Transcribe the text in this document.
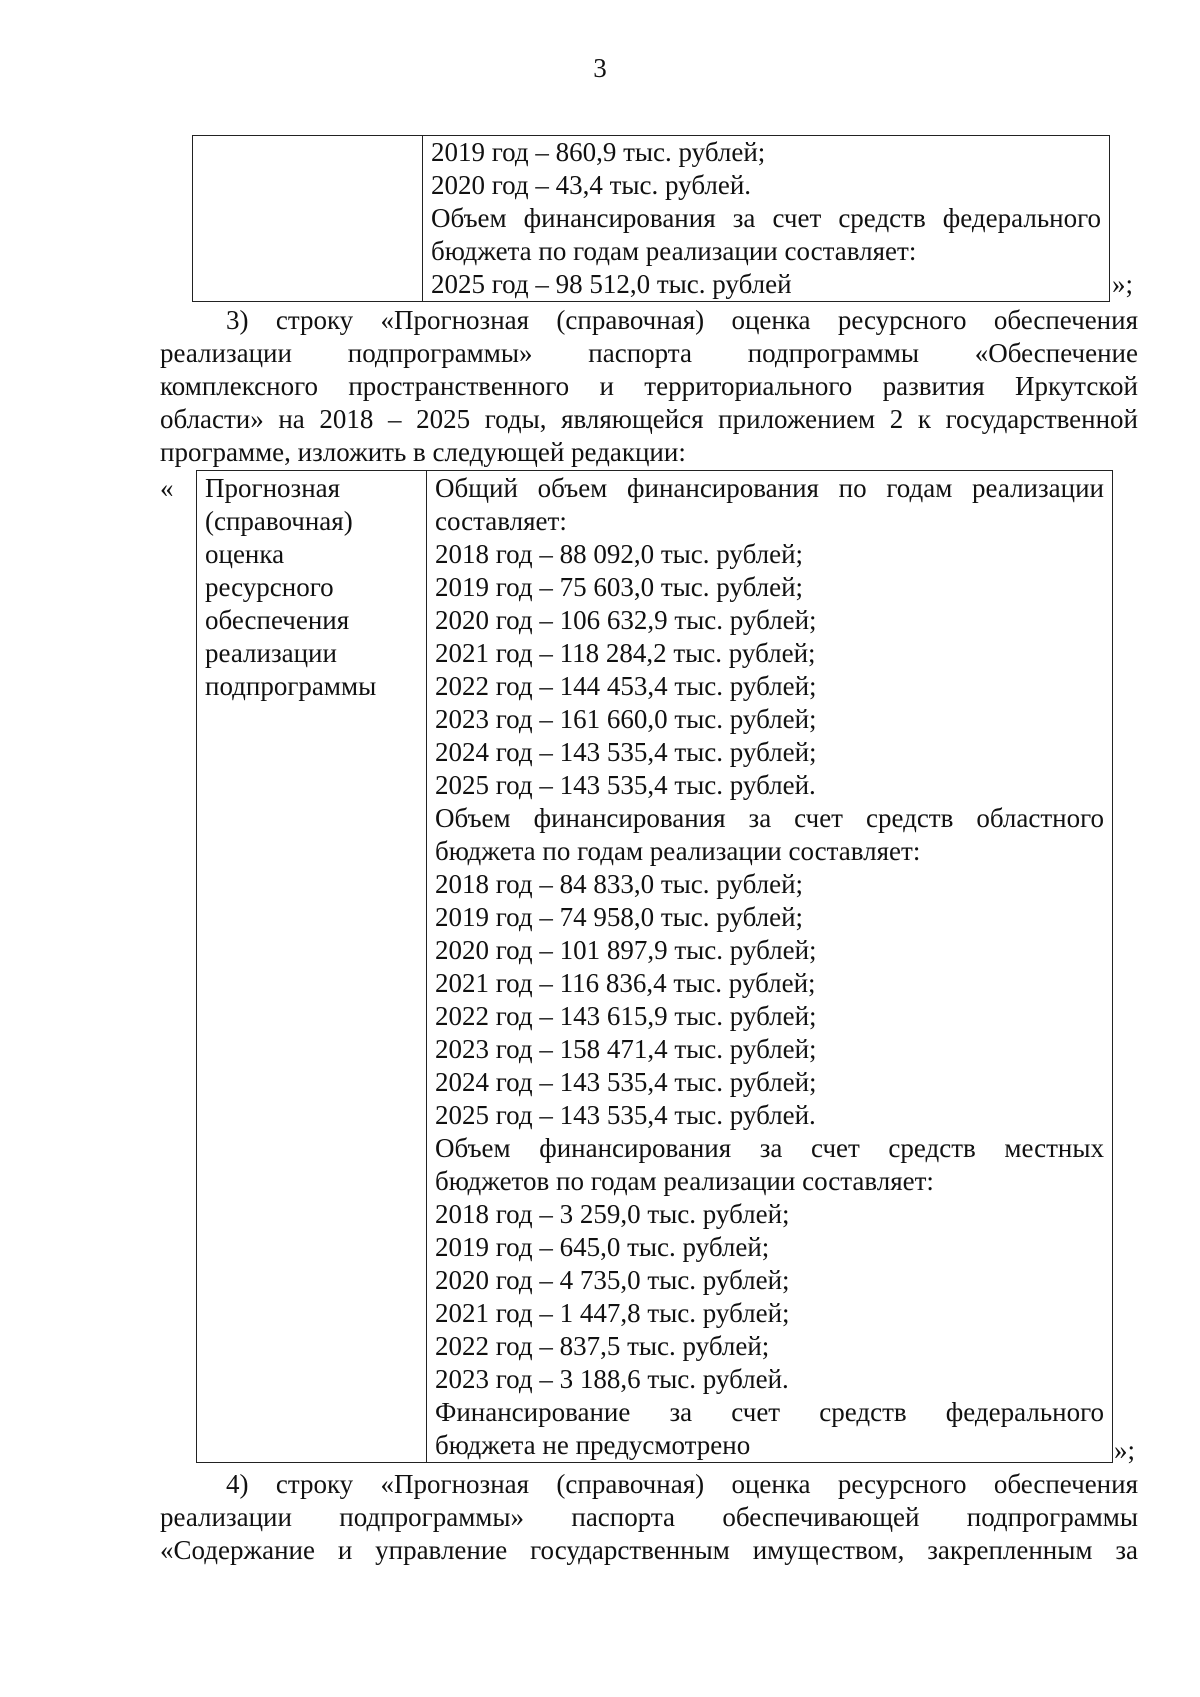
3
2019 год – 860,9 тыс. рублей;
2020 год – 43,4 тыс. рублей.
Объем финансирования за счет средств федерального
бюджета по годам реализации составляет:
2025 год – 98 512,0 тыс. рублей	»;
3) строку «Прогнозная (справочная) оценка ресурсного обеспечения
реализации подпрограммы» паспорта подпрограммы «Обеспечение
комплексного пространственного и территориального развития Иркутской
области» на 2018 – 2025 годы, являющейся приложением 2 к государственной
программе, изложить в следующей редакции:
« Прогнозная
(справочная)
оценка
ресурсного
обеспечения
реализации
подпрограммы
Общий объем финансирования по годам реализации
составляет:
2018 год – 88 092,0 тыс. рублей;
2019 год – 75 603,0 тыс. рублей;
2020 год – 106 632,9 тыс. рублей;
2021 год – 118 284,2 тыс. рублей;
2022 год – 144 453,4 тыс. рублей;
2023 год – 161 660,0 тыс. рублей;
2024 год – 143 535,4 тыс. рублей;
2025 год – 143 535,4 тыс. рублей.
Объем финансирования за счет средств областного
бюджета по годам реализации составляет:
2018 год – 84 833,0 тыс. рублей;
2019 год – 74 958,0 тыс. рублей;
2020 год – 101 897,9 тыс. рублей;
2021 год – 116 836,4 тыс. рублей;
2022 год – 143 615,9 тыс. рублей;
2023 год – 158 471,4 тыс. рублей;
2024 год – 143 535,4 тыс. рублей;
2025 год – 143 535,4 тыс. рублей.
Объем финансирования за счет средств местных
бюджетов по годам реализации составляет:
2018 год – 3 259,0 тыс. рублей;
2019 год – 645,0 тыс. рублей;
2020 год – 4 735,0 тыс. рублей;
2021 год – 1 447,8 тыс. рублей;
2022 год – 837,5 тыс. рублей;
2023 год – 3 188,6 тыс. рублей.
Финансирование за счет средств федерального
бюджета не предусмотрено	»;
4) строку «Прогнозная (справочная) оценка ресурсного обеспечения
реализации подпрограммы» паспорта обеспечивающей подпрограммы
«Содержание и управление государственным имуществом, закрепленным за
